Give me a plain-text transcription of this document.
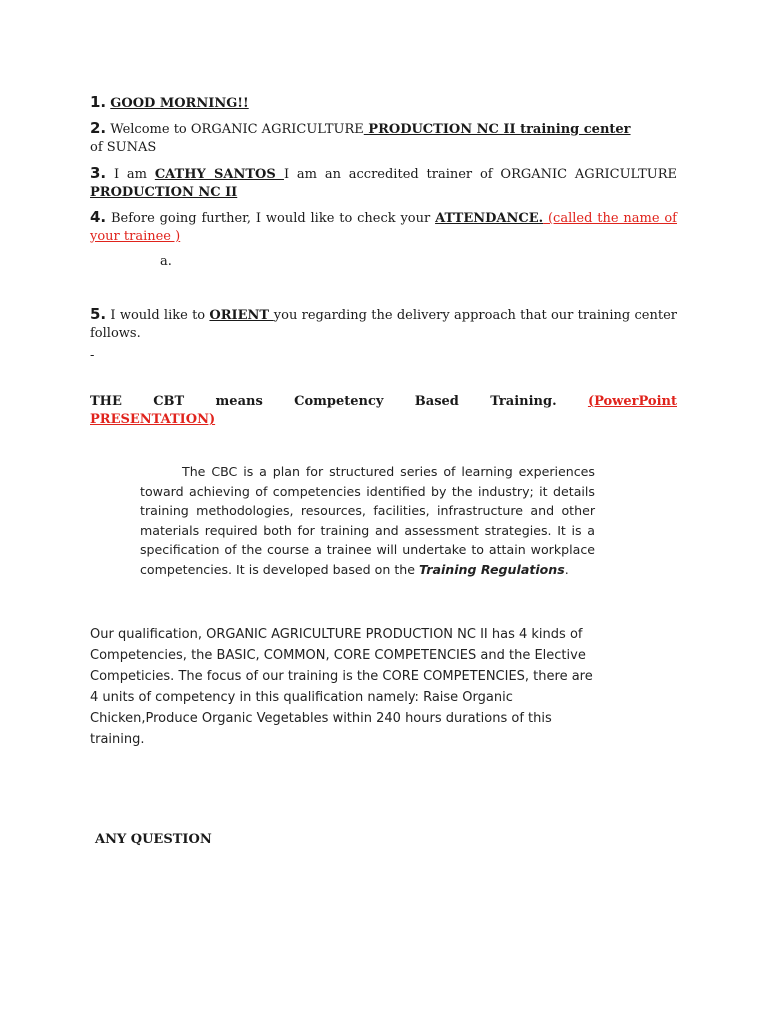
1. GOOD MORNING!!
2. Welcome to ORGANIC AGRICULTURE PRODUCTION NC II training center
of SUNAS
3. I am CATHY SANTOS I am an accredited trainer of ORGANIC AGRICULTURE PRODUCTION NC II
4. Before going further, I would like to check your ATTENDANCE. (called the name of your trainee )
a.
5. I would like to ORIENT you regarding the delivery approach that our training center follows.
-
THE CBT means Competency Based Training. (PowerPoint
PRESENTATION)
The CBC is a plan for structured series of learning experiences toward achieving of competencies identified by the industry; it details training methodologies, resources, facilities, infrastructure and other materials required both for training and assessment strategies. It is a specification of the course a trainee will undertake to attain workplace competencies. It is developed based on the Training Regulations.
Our qualification, ORGANIC AGRICULTURE PRODUCTION NC II has 4 kinds of
Competencies, the BASIC, COMMON, CORE COMPETENCIES and the Elective
Competicies. The focus of our training is the CORE COMPETENCIES, there are
4 units of competency in this qualification namely: Raise Organic
Chicken,Produce Organic Vegetables within 240 hours durations of this
training.
ANY QUESTION
